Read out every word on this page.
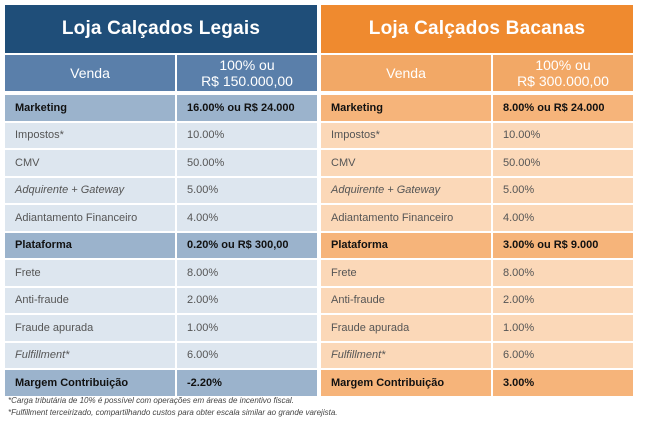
Loja Calçados Legais
Venda	100% ou
R$ 150.000,00
Marketing	16.00% ou R$ 24.000
Impostos*	10.00%
CMV	50.00%
Adquirente + Gateway	5.00%
Adiantamento Financeiro	4.00%
Plataforma	0.20% ou R$ 300,00
Frete	8.00%
Anti-fraude	2.00%
Fraude apurada	1.00%
Fulfillment*	6.00%
Margem Contribuição	-2.20%
Loja Calçados Bacanas
Venda	100% ou
R$ 300.000,00
Marketing	8.00% ou R$ 24.000
Impostos*	10.00%
CMV	50.00%
Adquirente + Gateway	5.00%
Adiantamento Financeiro	4.00%
Plataforma	3.00% ou R$ 9.000
Frete	8.00%
Anti-fraude	2.00%
Fraude apurada	1.00%
Fulfillment*	6.00%
Margem Contribuição	3.00%
*Carga tributária de 10% é possível com operações em áreas de incentivo fiscal.
*Fulfillment terceirizado, compartilhando custos para obter escala similar ao grande varejista.
